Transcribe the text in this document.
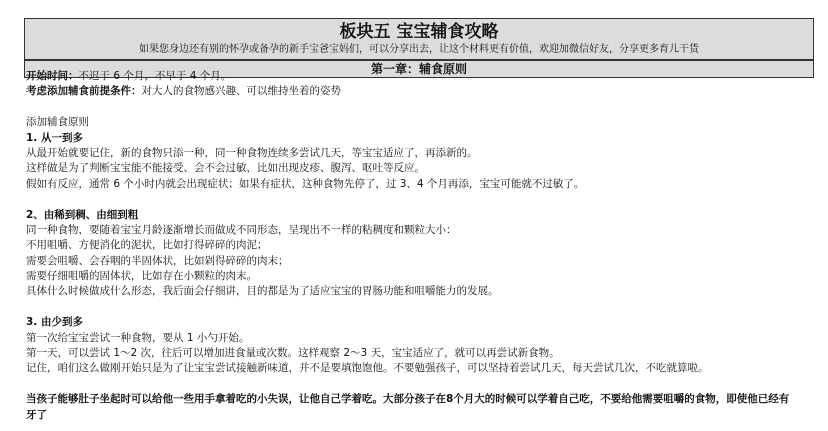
板块五 宝宝辅食攻略
如果您身边还有别的怀孕或备孕的新手宝爸宝妈们，可以分享出去，让这个材料更有价值，欢迎加微信好友，分享更多育儿干货
第一章：辅食原则
开始时间：不迟于 6 个月，不早于 4 个月。
考虑添加辅食前提条件：对大人的食物感兴趣、可以维持坐着的姿势
添加辅食原则
1. 从一到多
从最开始就要记住，新的食物只添一种，同一种食物连续多尝试几天，等宝宝适应了，再添新的。
这样做是为了判断宝宝能不能接受、会不会过敏，比如出现皮疹、腹泻、呕吐等反应。
假如有反应，通常 6 个小时内就会出现症状；如果有症状，这种食物先停了，过 3、4 个月再添，宝宝可能就不过敏了。
2、由稀到稠、由细到粗
同一种食物，要随着宝宝月龄逐渐增长而做成不同形态，呈现出不一样的粘稠度和颗粒大小：
不用咀嚼、方便消化的泥状，比如打得碎碎的肉泥；
需要会咀嚼、会吞咽的半固体状，比如剁得碎碎的肉末；
需要仔细咀嚼的固体状，比如存在小颗粒的肉末。
具体什么时候做成什么形态，我后面会仔细讲，目的都是为了适应宝宝的胃肠功能和咀嚼能力的发展。
3. 由少到多
第一次给宝宝尝试一种食物，要从 1 小勺开始。
第一天，可以尝试 1～2 次，往后可以增加进食量或次数。这样观察 2～3 天，宝宝适应了，就可以再尝试新食物。
记住，咱们这么做刚开始只是为了让宝宝尝试接触新味道，并不是要填饱饱他。不要勉强孩子，可以坚持着尝试几天，每天尝试几次，不吃就算啦。
当孩子能够肚子坐起时可以给他一些用手拿着吃的小失误，让他自己学着吃。大部分孩子在8个月大的时候可以学着自己吃，不要给他需要咀嚼的食物，即使他已经有
牙了
